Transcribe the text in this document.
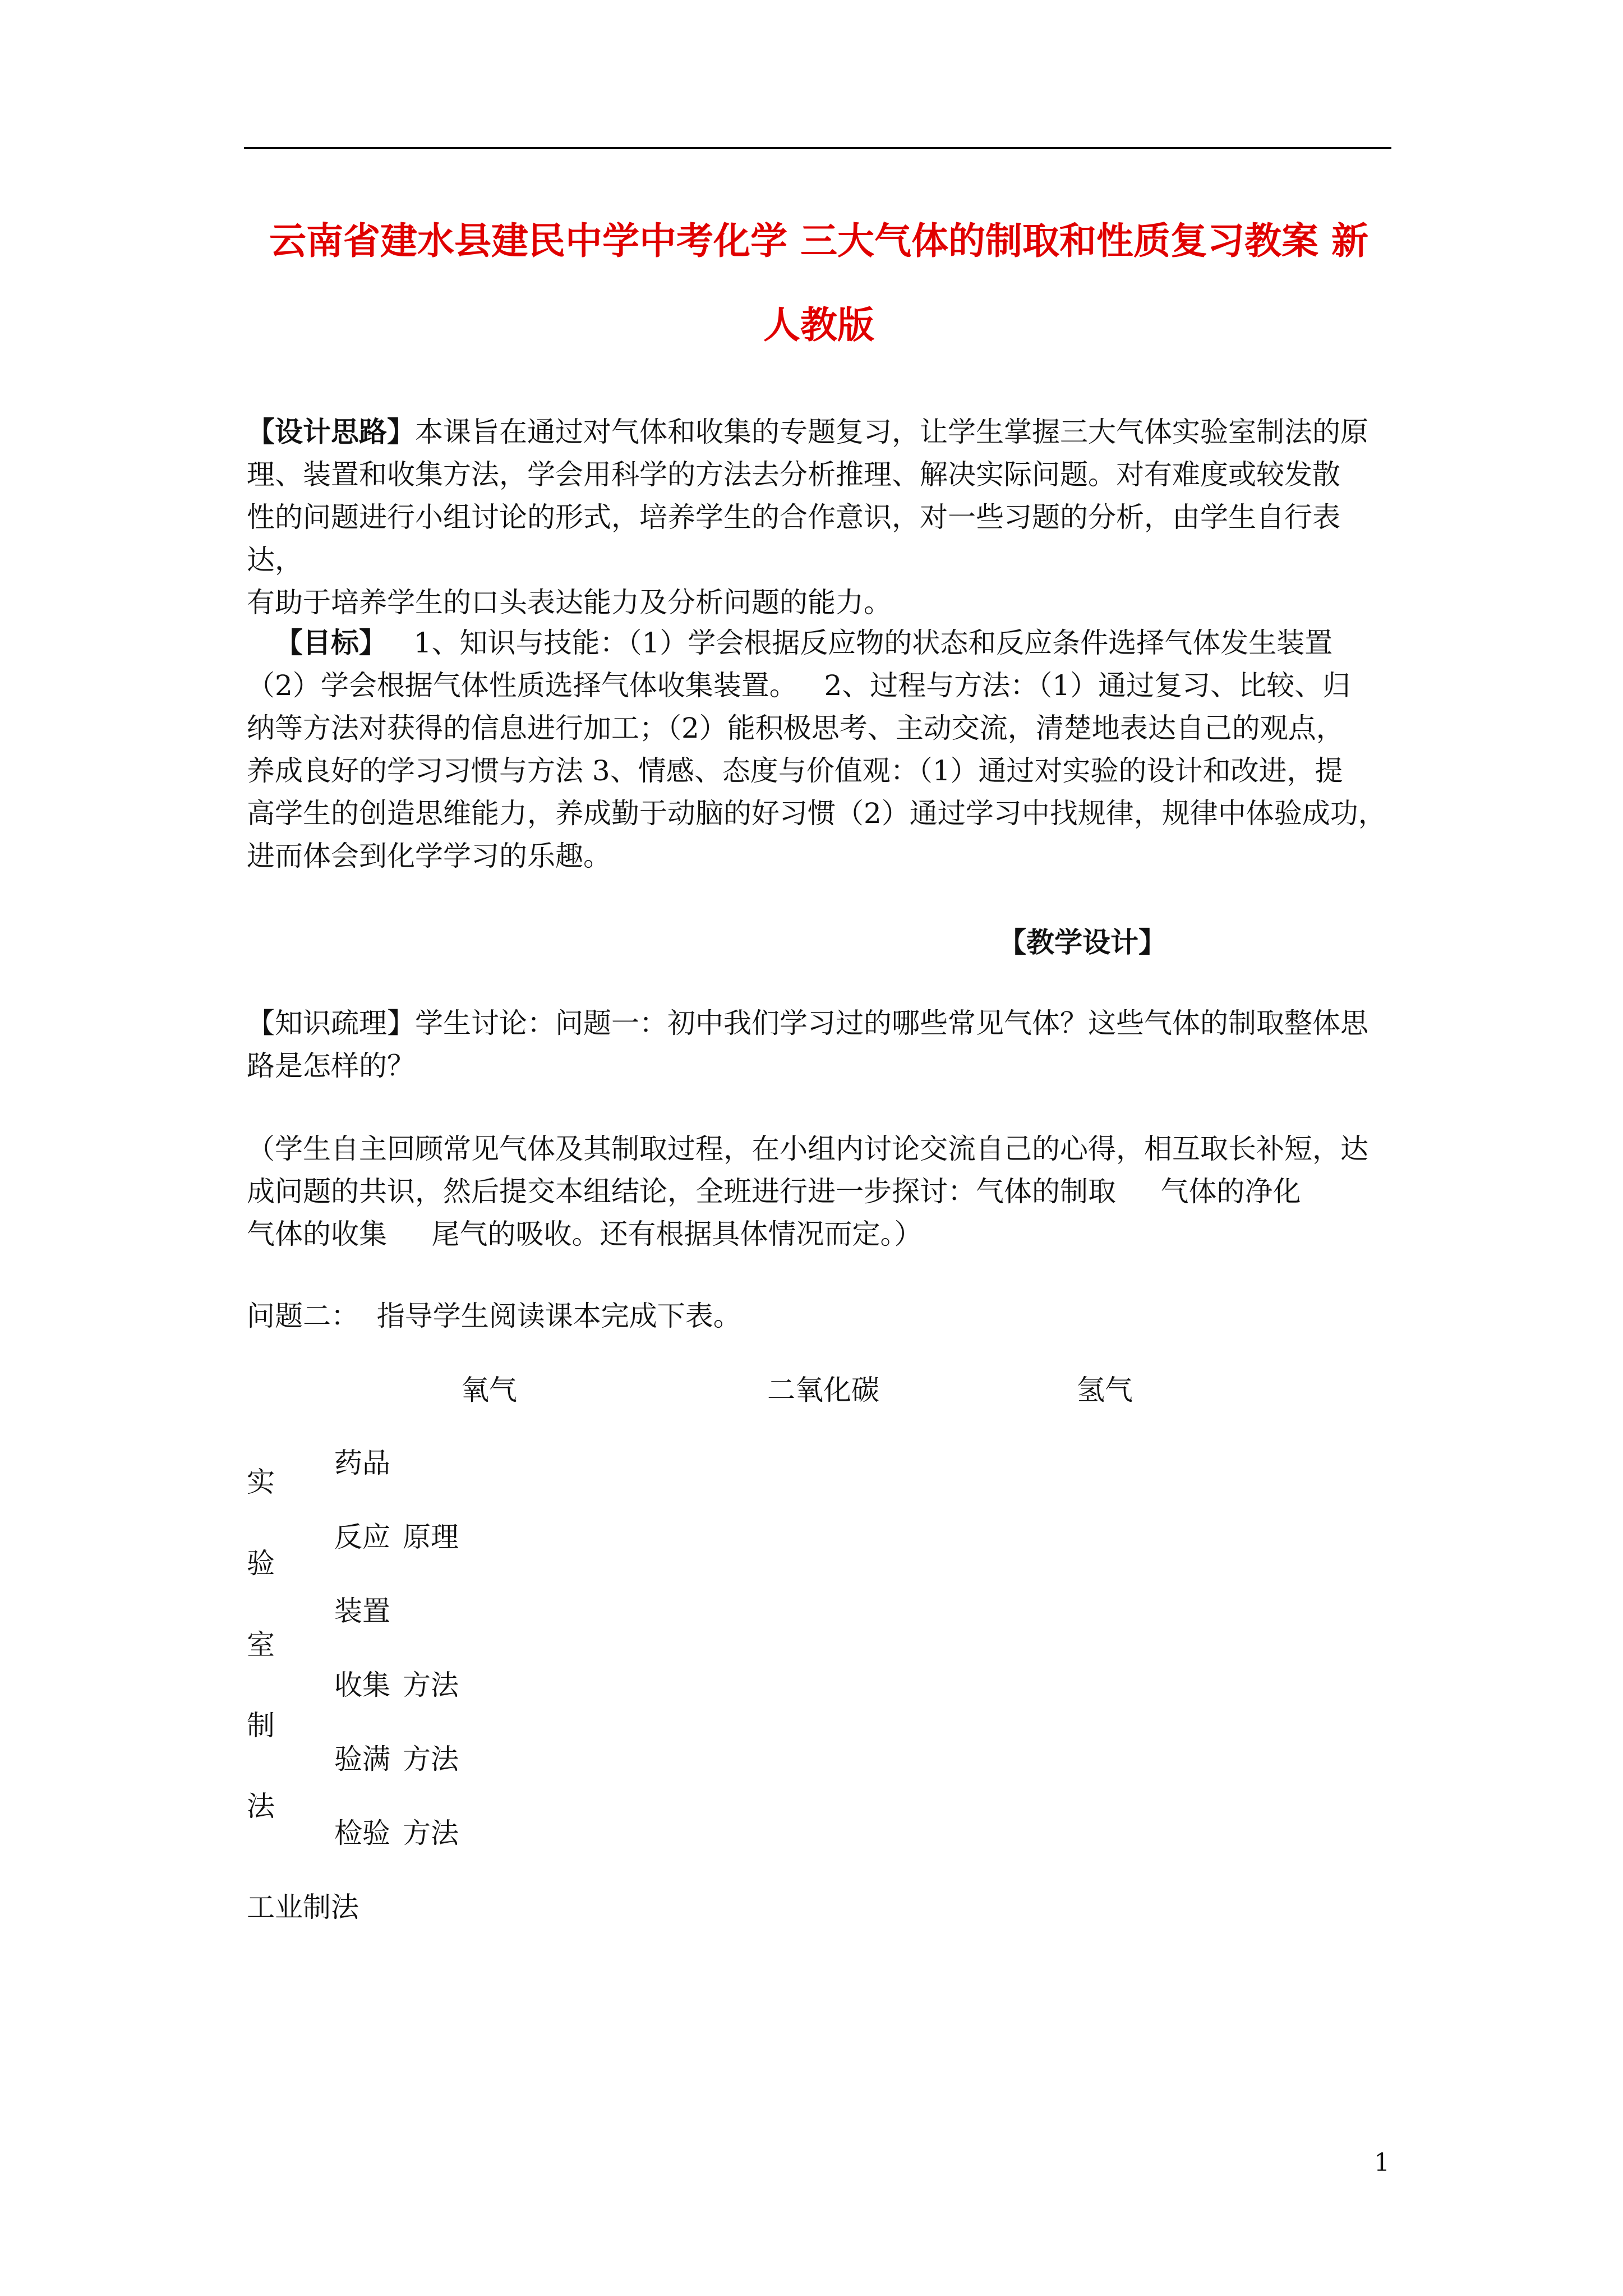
云南省建水县建民中学中考化学 三大气体的制取和性质复习教案 新
人教版
【设计思路】本课旨在通过对气体和收集的专题复习，让学生掌握三大气体实验室制法的原
理、装置和收集方法，学会用科学的方法去分析推理、解决实际问题。对有难度或较发散
性的问题进行小组讨论的形式，培养学生的合作意识，对一些习题的分析，由学生自行表达，
有助于培养学生的口头表达能力及分析问题的能力。
【目标】   1、知识与技能：（1）学会根据反应物的状态和反应条件选择气体发生装置
（2）学会根据气体性质选择气体收集装置。   2、过程与方法：（1）通过复习、比较、归
纳等方法对获得的信息进行加工；（2）能积极思考、主动交流，清楚地表达自己的观点，
养成良好的学习习惯与方法 3、情感、态度与价值观：（1）通过对实验的设计和改进，提
高学生的创造思维能力，养成勤于动脑的好习惯（2）通过学习中找规律，规律中体验成功，
进而体会到化学学习的乐趣。
【教学设计】
【知识疏理】学生讨论：问题一：初中我们学习过的哪些常见气体？这些气体的制取整体思
路是怎样的？
（学生自主回顾常见气体及其制取过程，在小组内讨论交流自己的心得，相互取长补短，达
成问题的共识，然后提交本组结论，全班进行进一步探讨：气体的制取     气体的净化
气体的收集     尾气的吸收。还有根据具体情况而定。）
问题二：  指导学生阅读课本完成下表。
氧气	二氧化碳	氢气
实
验
室
制
法
药品
反应 原理
装置
收集 方法
验满 方法
检验 方法
工业制法
1
